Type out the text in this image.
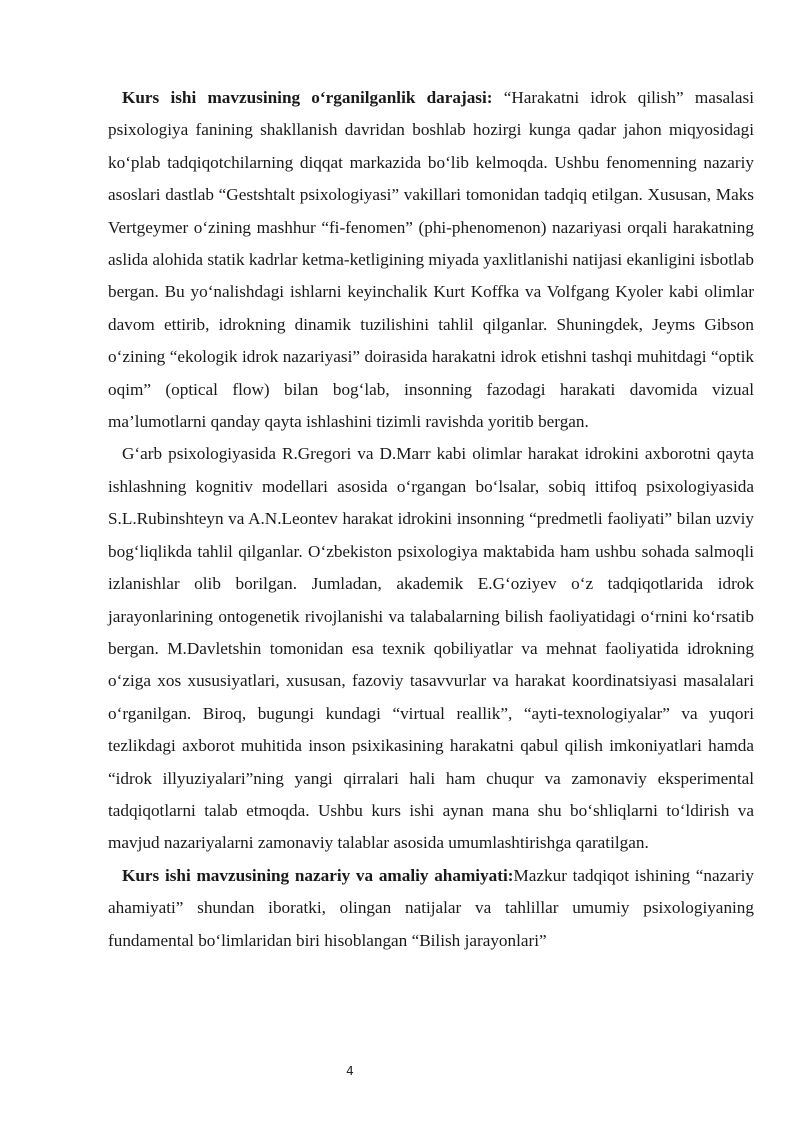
Kurs ishi mavzusining o‘rganilganlik darajasi: “Harakatni idrok qilish” masalasi psixologiya fanining shakllanish davridan boshlab hozirgi kunga qadar jahon miqyosidagi ko‘plab tadqiqotchilarning diqqat markazida bo‘lib kelmoqda. Ushbu fenomenning nazariy asoslari dastlab “Gestshtalt psixologiyasi” vakillari tomonidan tadqiq etilgan. Xususan, Maks Vertgeymer o‘zining mashhur “fi-fenomen” (phi-phenomenon) nazariyasi orqali harakatning aslida alohida statik kadrlar ketma-ketligining miyada yaxlitlanishi natijasi ekanligini isbotlab bergan. Bu yo‘nalishdagi ishlarni keyinchalik Kurt Koffka va Volfgang Kyoler kabi olimlar davom ettirib, idrokning dinamik tuzilishini tahlil qilganlar. Shuningdek, Jeyms Gibson o‘zining “ekologik idrok nazariyasi” doirasida harakatni idrok etishni tashqi muhitdagi “optik oqim” (optical flow) bilan bog‘lab, insonning fazodagi harakati davomida vizual ma’lumotlarni qanday qayta ishlashini tizimli ravishda yoritib bergan.

G‘arb psixologiyasida R.Gregori va D.Marr kabi olimlar harakat idrokini axborotni qayta ishlashning kognitiv modellari asosida o‘rgangan bo‘lsalar, sobiq ittifoq psixologiyasida S.L.Rubinshteyn va A.N.Leontev harakat idrokini insonning “predmetli faoliyati” bilan uzviy bog‘liqlikda tahlil qilganlar. O‘zbekiston psixologiya maktabida ham ushbu sohada salmoqli izlanishlar olib borilgan. Jumladan, akademik E.G‘oziyev o‘z tadqiqotlarida idrok jarayonlarining ontogenetik rivojlanishi va talabalarning bilish faoliyatidagi o‘rnini ko‘rsatib bergan. M.Davletshin tomonidan esa texnik qobiliyatlar va mehnat faoliyatida idrokning o‘ziga xos xususiyatlari, xususan, fazoviy tasavvurlar va harakat koordinatsiyasi masalalari o‘rganilgan. Biroq, bugungi kundagi “virtual reallik”, “ayti-texnologiyalar” va yuqori tezlikdagi axborot muhitida inson psixikasining harakatni qabul qilish imkoniyatlari hamda “idrok illyuziyalari”ning yangi qirralari hali ham chuqur va zamonaviy eksperimental tadqiqotlarni talab etmoqda. Ushbu kurs ishi aynan mana shu bo‘shliqlarni to‘ldirish va mavjud nazariyalarni zamonaviy talablar asosida umumlashtirishga qaratilgan.

Kurs ishi mavzusining nazariy va amaliy ahamiyati:Mazkur tadqiqot ishining “nazariy ahamiyati” shundan iboratki, olingan natijalar va tahlillar umumiy psixologiyaning fundamental bo‘limlaridan biri hisoblangan “Bilish jarayonlari”

4
